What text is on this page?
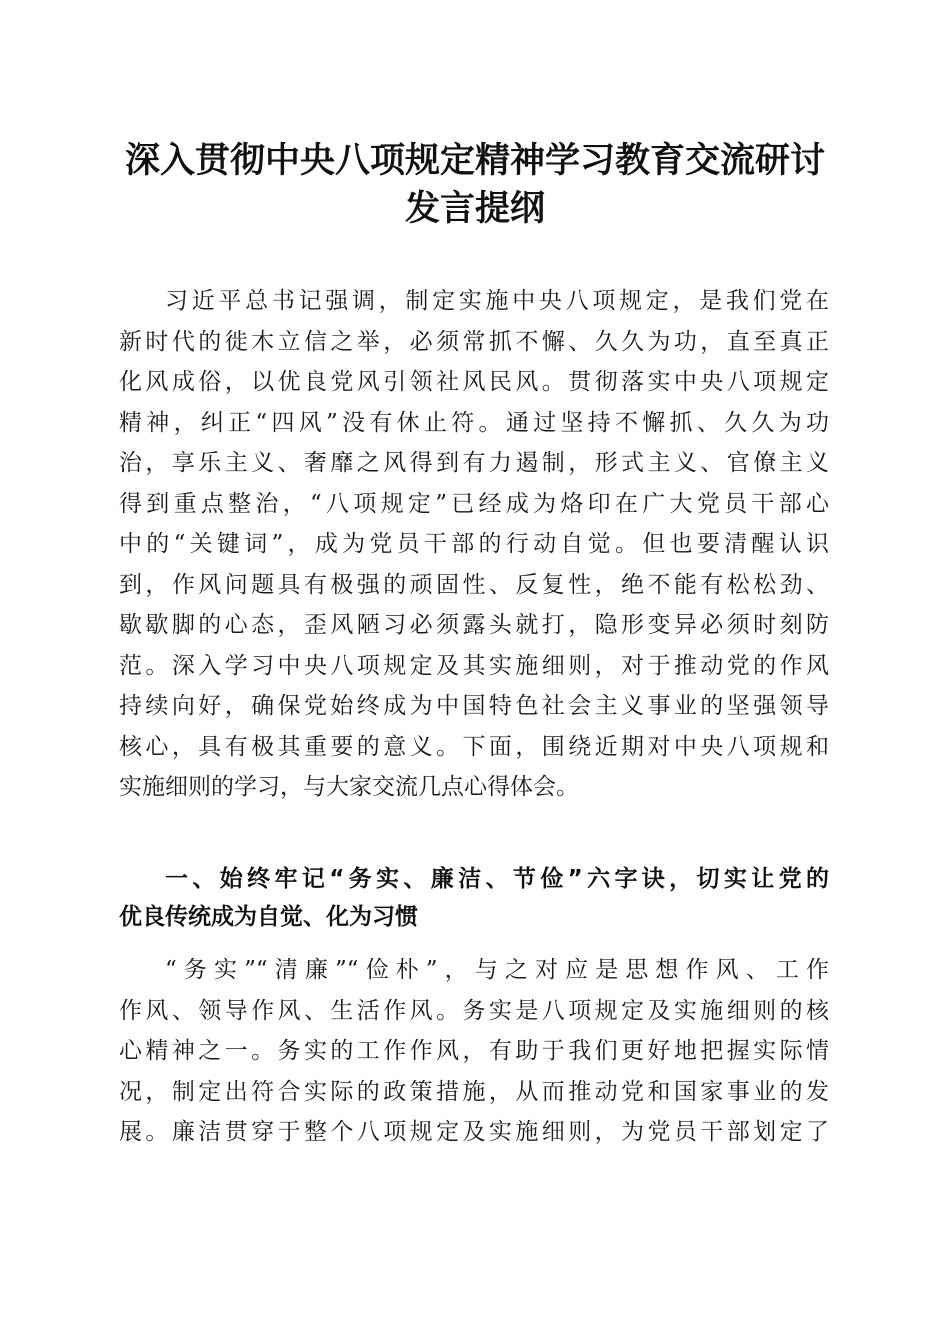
深入贯彻中央八项规定精神学习教育交流研讨
发言提纲
习近平总书记强调，制定实施中央八项规定，是我们党在
新时代的徙木立信之举，必须常抓不懈、久久为功，直至真正
化风成俗，以优良党风引领社风民风。贯彻落实中央八项规定
精神，纠正“四风”没有休止符。通过坚持不懈抓、久久为功
治，享乐主义、奢靡之风得到有力遏制，形式主义、官僚主义
得到重点整治，“八项规定”已经成为烙印在广大党员干部心
中的“关键词”，成为党员干部的行动自觉。但也要清醒认识
到，作风问题具有极强的顽固性、反复性，绝不能有松松劲、
歇歇脚的心态，歪风陋习必须露头就打，隐形变异必须时刻防
范。深入学习中央八项规定及其实施细则，对于推动党的作风
持续向好，确保党始终成为中国特色社会主义事业的坚强领导
核心，具有极其重要的意义。下面，围绕近期对中央八项规和
实施细则的学习，与大家交流几点心得体会。
一、始终牢记“务实、廉洁、节俭”六字诀，切实让党的
优良传统成为自觉、化为习惯
“务实”“清廉”“俭朴”，与之对应是思想作风、工作
作风、领导作风、生活作风。务实是八项规定及实施细则的核
心精神之一。务实的工作作风，有助于我们更好地把握实际情
况，制定出符合实际的政策措施，从而推动党和国家事业的发
展。廉洁贯穿于整个八项规定及实施细则，为党员干部划定了
